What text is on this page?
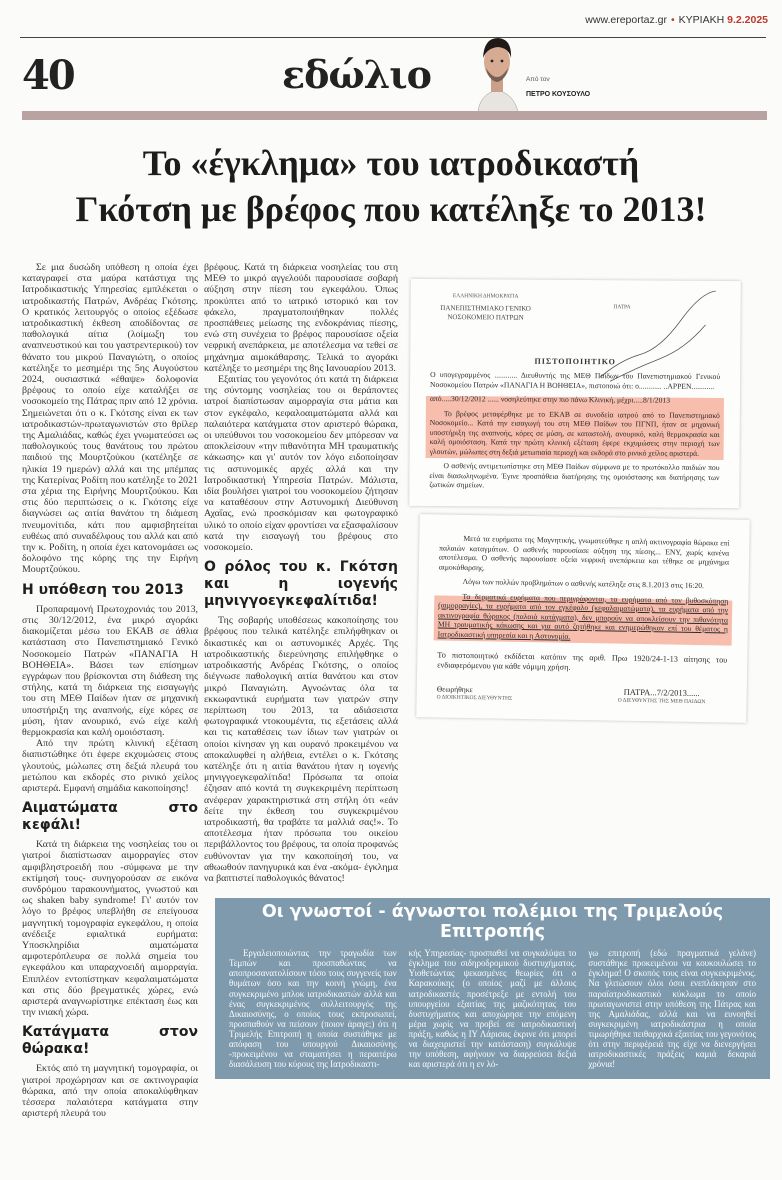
www.ereportaz.gr • ΚΥΡΙΑΚΗ 9.2.2025
40	εδώλιο	Από τον
ΠΕΤΡΟ ΚΟΥΣΟΥΛΟ
Το «έγκλημα» του ιατροδικαστή
Γκότση με βρέφος που κατέληξε το 2013!

Σε μια δυσώδη υπόθεση η οποία έχει καταγραφεί στα μαύρα κατάστιχα της Ιατροδικαστικής Υπηρεσίας εμπλέκεται ο ιατροδικαστής Πατρών, Ανδρέας Γκότσης. Ο κρατικός λειτουργός ο οποίος εξέδωσε ιατροδικαστική έκθεση αποδίδοντας σε παθολογικά αίτια (λοίμωξη του αναπνευστικού και του γαστρεντερικού) τον θάνατο του μικρού Παναγιώτη, ο οποίος κατέληξε το μεσημέρι της 5ης Αυγούστου 2024, ουσιαστικά «έθαψε» δολοφονία βρέφους το οποίο είχε καταλήξει σε νοσοκομείο της Πάτρας πριν από 12 χρόνια. Σημειώνεται ότι ο κ. Γκότσης είναι εκ των ιατροδικαστών-πρωταγωνιστών στο θρίλερ της Αμαλιάδας, καθώς έχει γνωματεύσει ως παθολογικούς τους θανάτους του πρώτου παιδιού της Μουρτζούκου (κατέληξε σε ηλικία 19 ημερών) αλλά και της μπέμπας της Κατερίνας Ροδίτη που κατέληξε το 2021 στα χέρια της Ειρήνης Μουρτζούκου. Και στις δύο περιπτώσεις ο κ. Γκότσης είχε διαγνώσει ως αιτία θανάτου τη διάμεση πνευμονίτιδα, κάτι που αμφισβητείται ευθέως από συναδέλφους του αλλά και από την κ. Ροδίτη, η οποία έχει κατονομάσει ως δολοφόνο της κόρης της την Ειρήνη Μουρτζούκου.

Η υπόθεση του 2013

Προπαραμονή Πρωτοχρονιάς του 2013, στις 30/12/2012, ένα μικρό αγοράκι διακομίζεται μέσω του ΕΚΑΒ σε άθλια κατάσταση στο Πανεπιστημιακό Γενικό Νοσοκομείο Πατρών «ΠΑΝΑΓΙΑ Η ΒΟΗΘΕΙΑ». Βάσει των επίσημων εγγράφων που βρίσκονται στη διάθεση της στήλης, κατά τη διάρκεια της εισαγωγής του στη ΜΕΘ Παίδων ήταν σε μηχανική υποστήριξη της αναπνοής, είχε κόρες σε μύση, ήταν ανουρικό, ενώ είχε καλή θερμοκρασία και καλή ομοιόσταση.

Από την πρώτη κλινική εξέταση διαπιστώθηκε ότι έφερε εκχυμώσεις στους γλουτούς, μώλωπες στη δεξιά πλευρά του μετώπου και εκδορές στο ρινικό χείλος αριστερά. Εμφανή σημάδια κακοποίησης!

Αιματώματα στο κεφάλι!

Κατά τη διάρκεια της νοσηλείας του οι γιατροί διαπίστωσαν αιμορραγίες στον αμφιβληστροειδή που -σύμφωνα με την εκτίμησή τους- συνηγορούσαν σε εικόνα συνδρόμου ταρακουνήματος, γνωστού και ως shaken baby syndrome! Γι' αυτόν τον λόγο το βρέφος υπεβλήθη σε επείγουσα μαγνητική τομογραφία εγκεφάλου, η οποία ανέδειξε εφιαλτικά ευρήματα: Υποσκληρίδια αιματώματα αμφοτερόπλευρα σε πολλά σημεία του εγκεφάλου και υπαραχνοειδή αιμορραγία. Επιπλέον εντοπίστηκαν κεφαλαιματώματα και στις δύο βρεγματικές χώρες, ενώ αριστερά αναγνωρίστηκε επέκταση έως και την ινιακή χώρα.

Κατάγματα στον θώρακα!

Εκτός από τη μαγνητική τομογραφία, οι γιατροί προχώρησαν και σε ακτινογραφία θώρακα, από την οποία αποκαλύφθηκαν τέσσερα παλαιότερα κατάγματα στην αριστερή πλευρά του

βρέφους. Κατά τη διάρκεια νοσηλείας του στη ΜΕΘ το μικρό αγγελούδι παρουσίασε σοβαρή αύξηση στην πίεση του εγκεφάλου. Όπως προκύπτει από το ιατρικό ιστορικό και τον φάκελο, πραγματοποιήθηκαν πολλές προσπάθειες μείωσης της ενδοκράνιας πίεσης, ενώ στη συνέχεια το βρέφος παρουσίασε οξεία νεφρική ανεπάρκεια, με αποτέλεσμα να τεθεί σε μηχάνημα αιμοκάθαρσης. Τελικά το αγοράκι κατέληξε το μεσημέρι της 8ης Ιανουαρίου 2013.

Εξαιτίας του γεγονότος ότι κατά τη διάρκεια της σύντομης νοσηλείας του οι θεράποντες ιατροί διαπίστωσαν αιμορραγία στα μάτια και στον εγκέφαλο, κεφαλοαιματώματα αλλά και παλαιότερα κατάγματα στον αριστερό θώρακα, οι υπεύθυνοι του νοσοκομείου δεν μπόρεσαν να αποκλείσουν «την πιθανότητα ΜΗ τραυματικής κάκωσης» και γι' αυτόν τον λόγο ειδοποίησαν τις αστυνομικές αρχές αλλά και την Ιατροδικαστική Υπηρεσία Πατρών. Μάλιστα, ιδία βουλήσει γιατροί του νοσοκομείου ζήτησαν να καταθέσουν στην Αστυνομική Διεύθυνση Αχαΐας, ενώ προσκόμισαν και φωτογραφικό υλικό το οποίο είχαν φροντίσει να εξασφαλίσουν κατά την εισαγωγή του βρέφους στο νοσοκομείο.

Ο ρόλος του κ. Γκότση και η ιογενής μηνιγγοεγκεφαλίτιδα!

Της σοβαρής υποθέσεως κακοποίησης του βρέφους που τελικά κατέληξε επιλήφθηκαν οι δικαστικές και οι αστυνομικές Αρχές. Της ιατροδικαστικής διερεύνησης επιλήφθηκε ο ιατροδικαστής Ανδρέας Γκότσης, ο οποίος διέγνωσε παθολογική αιτία θανάτου και στον μικρό Παναγιώτη. Αγνοώντας όλα τα εκκωφαντικά ευρήματα των γιατρών στην περίπτωση του 2013, τα αδιάσειστα φωτογραφικά ντοκουμέντα, τις εξετάσεις αλλά και τις καταθέσεις των ίδιων των γιατρών οι οποίοι κίνησαν γη και ουρανό προκειμένου να αποκαλυφθεί η αλήθεια, εντέλει ο κ. Γκότσης κατέληξε ότι η αιτία θανάτου ήταν η ιογενής μηνιγγοεγκεφαλίτιδα! Πρόσωπα τα οποία έζησαν από κοντά τη συγκεκριμένη περίπτωση ανέφεραν χαρακτηριστικά στη στήλη ότι «εάν δείτε την έκθεση του συγκεκριμένου ιατροδικαστή, θα τραβάτε τα μαλλιά σας!». Το αποτέλεσμα ήταν πρόσωπα του οικείου περιβάλλοντος του βρέφους, τα οποία προφανώς ευθύνονταν για την κακοποίησή του, να αθωωθούν πανηγυρικά και ένα -ακόμα- έγκλημα να βαπτιστεί παθολογικός θάνατος!

ΕΛΛΗΝΙΚΗ ΔΗΜΟΚΡΑΤΙΑ
ΠΑΝΕΠΙΣΤΗΜΙΑΚΟ ΓΕΝΙΚΟ
ΝΟΣΟΚΟΜΕΙΟ ΠΑΤΡΩΝ
ΠΑΤΡΑ
ΠΙΣΤΟΠΟΙΗΤΙΚΟ
Ο υπογεγραμμένος ............ Διευθυντής της ΜΕΘ Παίδων του Πανεπιστημιακού Γενικού Νοσοκομείου Πατρών «ΠΑΝΑΓΙΑ Η ΒΟΗΘΕΙΑ», πιστοποιώ ότι: ο............ ..ΑΡΡΕΝ............
από.....30/12/2012 ...... νοσηλεύτηκε στην πιο πάνω Κλινική, μέχρι.....8/1/2013
Το βρέφος μεταφέρθηκε με το ΕΚΑΒ σε συνοδεία ιατρού από το Πανεπιστημιακό Νοσοκομείο... Κατά την εισαγωγή του στη ΜΕΘ Παίδων του ΠΓΝΠ, ήταν σε μηχανική υποστήριξη της αναπνοής, κόρες σε μύση, σε καταστολή, ανουρικό, καλή θερμοκρασία και καλή ομοιόσταση. Κατά την πρώτη κλινική εξέταση έφερε εκχυμώσεις στην περιοχή των γλουτών, μώλωπες στη δεξιά μετωπιαία περιοχή και εκδορά στο ρινικό χείλος αριστερά.
Ο ασθενής αντιμετωπίστηκε στη ΜΕΘ Παίδων σύμφωνα με το πρωτόκολλο παιδιών που είναι διασωληνωμένα. Έγινε προσπάθεια διατήρησης της ομοιόστασης και διατήρησης των ζωτικών σημείων.
Μετά τα ευρήματα της Μαγνητικής, γνωματεύθηκε η απλή ακτινογραφία θώρακα επί παλαιών καταγμάτων. Ο ασθενής παρουσίασε αύξηση της πίεσης... ΕΝΥ, χωρίς κανένα αποτέλεσμα. Ο ασθενής παρουσίασε οξεία νεφρική ανεπάρκεια και τέθηκε σε μηχάνημα αιμοκάθαρσης.
Λόγω των πολλών προβλημάτων ο ασθενής κατέληξε στις 8.1.2013 στις 16:20.
Τα δερματικά ευρήματα που περιγράφονται, τα ευρήματα από τον βυθοσκόπηση (αιμορραγίες), τα ευρήματα από τον εγκέφαλο (κεφαλαιματώματα), τα ευρήματα από την ακτινογραφία θώρακος (παλαιά κατάγματα), δεν μπορούν να αποκλείσουν την πιθανότητα ΜΗ τραυματικής κάκωσης και για αυτό ζητήθηκε και ενημερώθηκαν επί του θέματος η Ιατροδικαστική υπηρεσία και η Αστυνομία.
Το πιστοποιητικό εκδίδεται κατόπιν της αριθ. Πρω 1920/24-1-13 αίτησης του ενδιαφερόμενου για κάθε νόμιμη χρήση.
Θεωρήθηκε
Ο ΔΙΟΙΚΗΤΙΚΟΣ ΔΙΕΥΘΥΝΤΗΣ	ΠΑΤΡΑ...7/2/2013......
Ο ΔΙΕΥΘΥΝΤΗΣ ΤΗΣ ΜΕΘ ΠΑΙΔΩΝ
Οι γνωστοί - άγνωστοι πολέμιοι της Τριμελούς Επιτροπής
Εργαλειοποιώντας την τραγωδία των Τεμπών και προσπαθώντας να αποπροσανατολίσουν τόσο τους συγγενείς των θυμάτων όσο και την κοινή γνώμη, ένα συγκεκριμένο μπλοκ ιατροδικαστών αλλά και ένας συγκεκριμένος συλλειτουργός της Δικαιοσύνης, ο οποίος τους εκπροσωπεί, προσπαθούν να πείσουν (ποιον άραγε;) ότι η Τριμελής Επιτροπή η οποία συστάθηκε με απόφαση του υπουργού Δικαιοσύνης -προκειμένου να σταματήσει η περαιτέρω διασάλευση του κύρους της Ιατροδικαστι-
κής Υπηρεσίας- προσπαθεί να συγκαλύψει το έγκλημα του σιδηροδρομικού δυστυχήματος. Υιοθετώντας ψεκασμένες θεωρίες ότι ο Καρακούκης (ο οποίος μαζί με άλλους ιατροδικαστές προσέτρεξε με εντολή του υπουργείου εξαιτίας της μαζικότητας του δυστυχήματος και αποχώρησε την επόμενη μέρα χωρίς να προβεί σε ιατροδικαστική πράξη, καθώς η ΙΥ Λάρισας έκρινε ότι μπορεί να διαχειριστεί την κατάσταση) συγκάλυψε την υπόθεση, αφήνουν να διαρρεύσει δεξιά και αριστερά ότι η εν λό-
γω επιτροπή (εδώ πραγματικά γελάνε) συστάθηκε προκειμένου να κουκουλώσει το έγκλημα! Ο σκοπός τους είναι συγκεκριμένος. Να γλιτώσουν όλοι όσοι ενεπλάκησαν στο παραϊατροδικαστικό κύκλωμα το οποίο πρωταγωνιστεί στην υπόθεση της Πάτρας και της Αμαλιάδας, αλλά και να ευνοηθεί συγκεκριμένη ιατροδικάστρια η οποία τιμωρήθηκε πειθαρχικά εξαιτίας του γεγονότος ότι στην περιφέρειά της είχε να διενεργήσει ιατροδικαστικές πράξεις καμιά δεκαριά χρόνια!
